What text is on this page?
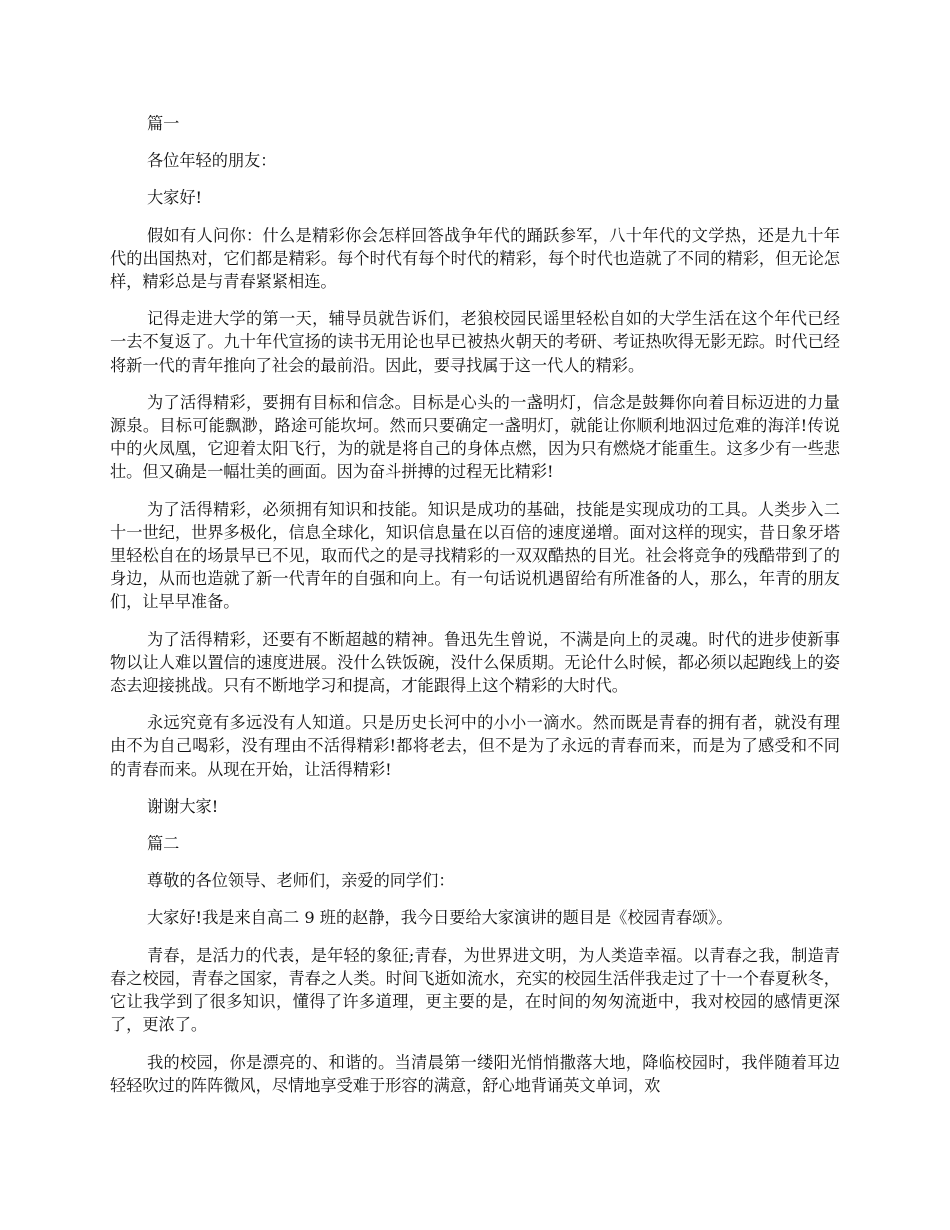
篇一

各位年轻的朋友：

大家好!

假如有人问你：什么是精彩你会怎样回答战争年代的踊跃参军，八十年代的文学热，还是九十年代的出国热对，它们都是精彩。每个时代有每个时代的精彩，每个时代也造就了不同的精彩，但无论怎样，精彩总是与青春紧紧相连。

记得走进大学的第一天，辅导员就告诉们，老狼校园民谣里轻松自如的大学生活在这个年代已经一去不复返了。九十年代宣扬的读书无用论也早已被热火朝天的考研、考证热吹得无影无踪。时代已经将新一代的青年推向了社会的最前沿。因此，要寻找属于这一代人的精彩。

为了活得精彩，要拥有目标和信念。目标是心头的一盏明灯，信念是鼓舞你向着目标迈进的力量源泉。目标可能飘渺，路途可能坎坷。然而只要确定一盏明灯，就能让你顺利地泅过危难的海洋!传说中的火凤凰，它迎着太阳飞行，为的就是将自己的身体点燃，因为只有燃烧才能重生。这多少有一些悲壮。但又确是一幅壮美的画面。因为奋斗拼搏的过程无比精彩!

为了活得精彩，必须拥有知识和技能。知识是成功的基础，技能是实现成功的工具。人类步入二十一世纪，世界多极化，信息全球化，知识信息量在以百倍的速度递增。面对这样的现实，昔日象牙塔里轻松自在的场景早已不见，取而代之的是寻找精彩的一双双酷热的目光。社会将竞争的残酷带到了的身边，从而也造就了新一代青年的自强和向上。有一句话说机遇留给有所准备的人，那么，年青的朋友们，让早早准备。

为了活得精彩，还要有不断超越的精神。鲁迅先生曾说，不满是向上的灵魂。时代的进步使新事物以让人难以置信的速度进展。没什么铁饭碗，没什么保质期。无论什么时候，都必须以起跑线上的姿态去迎接挑战。只有不断地学习和提高，才能跟得上这个精彩的大时代。

永远究竟有多远没有人知道。只是历史长河中的小小一滴水。然而既是青春的拥有者，就没有理由不为自己喝彩，没有理由不活得精彩!都将老去，但不是为了永远的青春而来，而是为了感受和不同的青春而来。从现在开始，让活得精彩!

谢谢大家!

篇二

尊敬的各位领导、老师们，亲爱的同学们：

大家好!我是来自高二 9 班的赵静，我今日要给大家演讲的题目是《校园青春颂》。

青春，是活力的代表，是年轻的象征;青春，为世界进文明，为人类造幸福。以青春之我，制造青春之校园，青春之国家，青春之人类。时间飞逝如流水，充实的校园生活伴我走过了十一个春夏秋冬，它让我学到了很多知识，懂得了许多道理，更主要的是，在时间的匆匆流逝中，我对校园的感情更深了，更浓了。

我的校园，你是漂亮的、和谐的。当清晨第一缕阳光悄悄撒落大地，降临校园时，我伴随着耳边轻轻吹过的阵阵微风，尽情地享受难于形容的满意，舒心地背诵英文单词，欢
